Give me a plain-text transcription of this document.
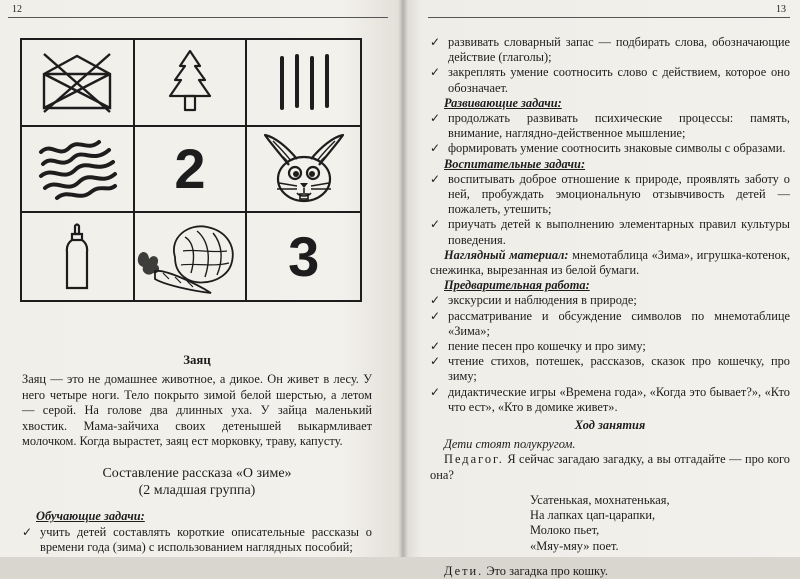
12
2
3
Заяц

Заяц — это не домашнее животное, а дикое. Он живет в лесу. У него четыре ноги. Тело покрыто зимой белой шерстью, а летом — серой. На голове два длинных уха. У зайца маленький хвостик. Мама-зайчиха своих детенышей выкармливает молочком. Когда вырастет, заяц ест морковку, траву, капусту.

Составление рассказа «О зиме»
(2 младшая группа)
Обучающие задачи:
✓ учить детей составлять короткие описательные рассказы о времени года (зима) с использованием наглядных пособий;
13
✓ развивать словарный запас — подбирать слова, обозначающие действие (глаголы);
✓ закреплять умение соотносить слово с действием, которое оно обозначает.
Развивающие задачи:
✓ продолжать развивать психические процессы: память, внимание, наглядно-действенное мышление;
✓ формировать умение соотносить знаковые символы с образами.
Воспитательные задачи:
✓ воспитывать доброе отношение к природе, проявлять заботу о ней, пробуждать эмоциональную отзывчивость детей — пожалеть, утешить;
✓ приучать детей к выполнению элементарных правил культуры поведения.

Наглядный материал: мнемотаблица «Зима», игрушка-котенок, снежинка, вырезанная из белой бумаги.

Предварительная работа:
✓ экскурсии и наблюдения в природе;
✓ рассматривание и обсуждение символов по мнемотаблице «Зима»;
✓ пение песен про кошечку и про зиму;
✓ чтение стихов, потешек, рассказов, сказок про кошечку, про зиму;
✓ дидактические игры «Времена года», «Когда это бывает?», «Кто что ест», «Кто в домике живет».
Ход занятия
Дети стоят полукругом.

Педагог. Я сейчас загадаю загадку, а вы отгадайте — про кого она?

Усатенькая, мохнатенькая,
На лапках цап-царапки,
Молоко пьет,
«Мяу-мяу» поет.

Дети. Это загадка про кошку.
